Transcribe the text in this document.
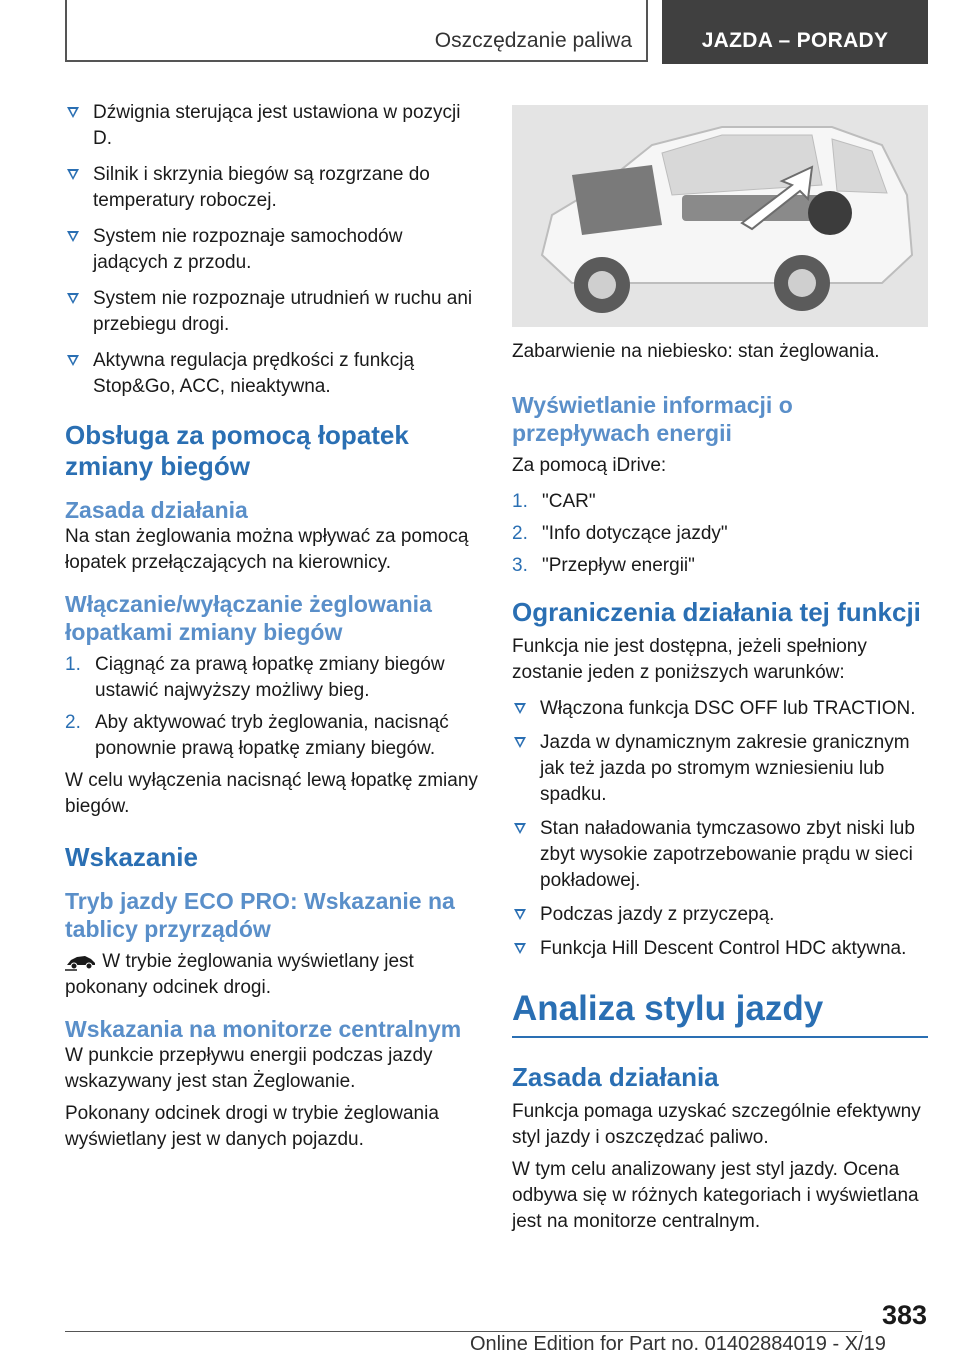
Oszczędzanie paliwa	JAZDA – PORADY
Dźwignia sterująca jest ustawiona w pozycji D.
Silnik i skrzynia biegów są rozgrzane do temperatury roboczej.
System nie rozpoznaje samochodów jadących z przodu.
System nie rozpoznaje utrudnień w ruchu ani przebiegu drogi.
Aktywna regulacja prędkości z funkcją Stop&Go, ACC, nieaktywna.
Obsługa za pomocą łopatek zmiany biegów
Zasada działania

Na stan żeglowania można wpływać za pomocą łopatek przełączających na kierownicy.

Włączanie/wyłączanie żeglowania łopatkami zmiany biegów
1. Ciągnąć za prawą łopatkę zmiany biegów ustawić najwyższy możliwy bieg.
2. Aby aktywować tryb żeglowania, nacisnąć ponownie prawą łopatkę zmiany biegów.

W celu wyłączenia nacisnąć lewą łopatkę zmiany biegów.

Wskazanie
Tryb jazdy ECO PRO: Wskazanie na tablicy przyrządów

W trybie żeglowania wyświetlany jest pokonany odcinek drogi.

Wskazania na monitorze centralnym

W punkcie przepływu energii podczas jazdy wskazywany jest stan Żeglowanie.

Pokonany odcinek drogi w trybie żeglowania wyświetlany jest w danych pojazdu.

Zabarwienie na niebiesko: stan żeglowania.

Wyświetlanie informacji o przepływach energii

Za pomocą iDrive:

1. "CAR"
2. "Info dotyczące jazdy"
3. "Przepływ energii"
Ograniczenia działania tej funkcji

Funkcja nie jest dostępna, jeżeli spełniony zostanie jeden z poniższych warunków:

Włączona funkcja DSC OFF lub TRACTION.
Jazda w dynamicznym zakresie granicznym jak też jazda po stromym wzniesieniu lub spadku.
Stan naładowania tymczasowo zbyt niski lub zbyt wysokie zapotrzebowanie prądu w sieci pokładowej.
Podczas jazdy z przyczepą.
Funkcja Hill Descent Control HDC aktywna.
Analiza stylu jazdy
Zasada działania

Funkcja pomaga uzyskać szczególnie efektywny styl jazdy i oszczędzać paliwo.

W tym celu analizowany jest styl jazdy. Ocena odbywa się w różnych kategoriach i wyświetlana jest na monitorze centralnym.

383
Online Edition for Part no. 01402884019 - X/19
